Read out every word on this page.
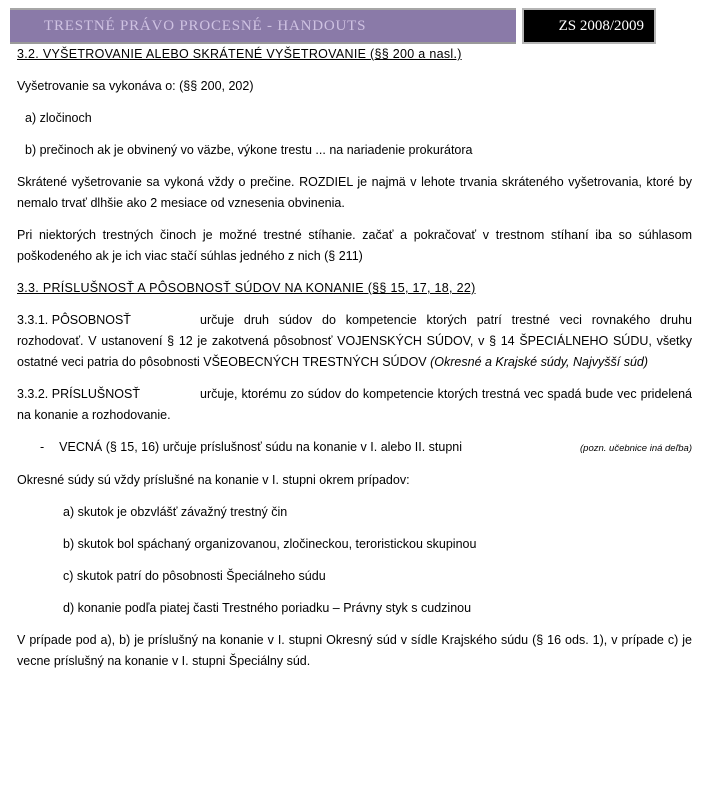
TRESTNÉ PRÁVO PROCESNÉ - HANDOUTS	ZS 2008/2009

3.2. VYŠETROVANIE ALEBO SKRÁTENÉ VYŠETROVANIE (§§ 200 a nasl.)

Vyšetrovanie sa vykonáva o: (§§ 200, 202)

a) zločinoch

b) prečinoch ak je obvinený vo väzbe, výkone trestu ... na nariadenie prokurátora

Skrátené vyšetrovanie sa vykoná vždy o prečine. ROZDIEL je najmä v lehote trvania skráteného vyšetrovania, ktoré by nemalo trvať dlhšie ako 2 mesiace od vznesenia obvinenia.

Pri niektorých trestných činoch je možné trestné stíhanie. začať a pokračovať v trestnom stíhaní iba so súhlasom poškodeného ak je ich viac stačí súhlas jedného z nich (§ 211)

3.3. PRÍSLUŠNOSŤ A PÔSOBNOSŤ SÚDOV NA KONANIE (§§ 15, 17, 18, 22)

3.3.1. PÔSOBNOSŤ	určuje druh súdov do kompetencie ktorých patrí trestné veci rovnakého druhu rozhodovať. V ustanovení § 12 je zakotvená pôsobnosť VOJENSKÝCH SÚDOV, v § 14 ŠPECIÁLNEHO SÚDU, všetky ostatné veci patria do pôsobnosti VŠEOBECNÝCH TRESTNÝCH SÚDOV (Okresné a Krajské súdy, Najvyšší súd)

3.3.2. PRÍSLUŠNOSŤ	určuje, ktorému zo súdov do kompetencie ktorých trestná vec spadá bude vec pridelená na konanie a rozhodovanie.

- VECNÁ (§ 15, 16) určuje príslušnosť súdu na konanie v I. alebo II. stupni	(pozn. učebnice iná deľba)

Okresné súdy sú vždy príslušné na konanie v I. stupni okrem prípadov:

a) skutok je obzvlášť závažný trestný čin

b) skutok bol spáchaný organizovanou, zločineckou, teroristickou skupinou

c) skutok patrí do pôsobnosti Špeciálneho súdu

d) konanie podľa piatej časti Trestného poriadku – Právny styk s cudzinou

V prípade pod a), b) je príslušný na konanie v I. stupni Okresný súd v sídle Krajského súdu (§ 16 ods. 1), v prípade c) je vecne príslušný na konanie v I. stupni Špeciálny súd.
